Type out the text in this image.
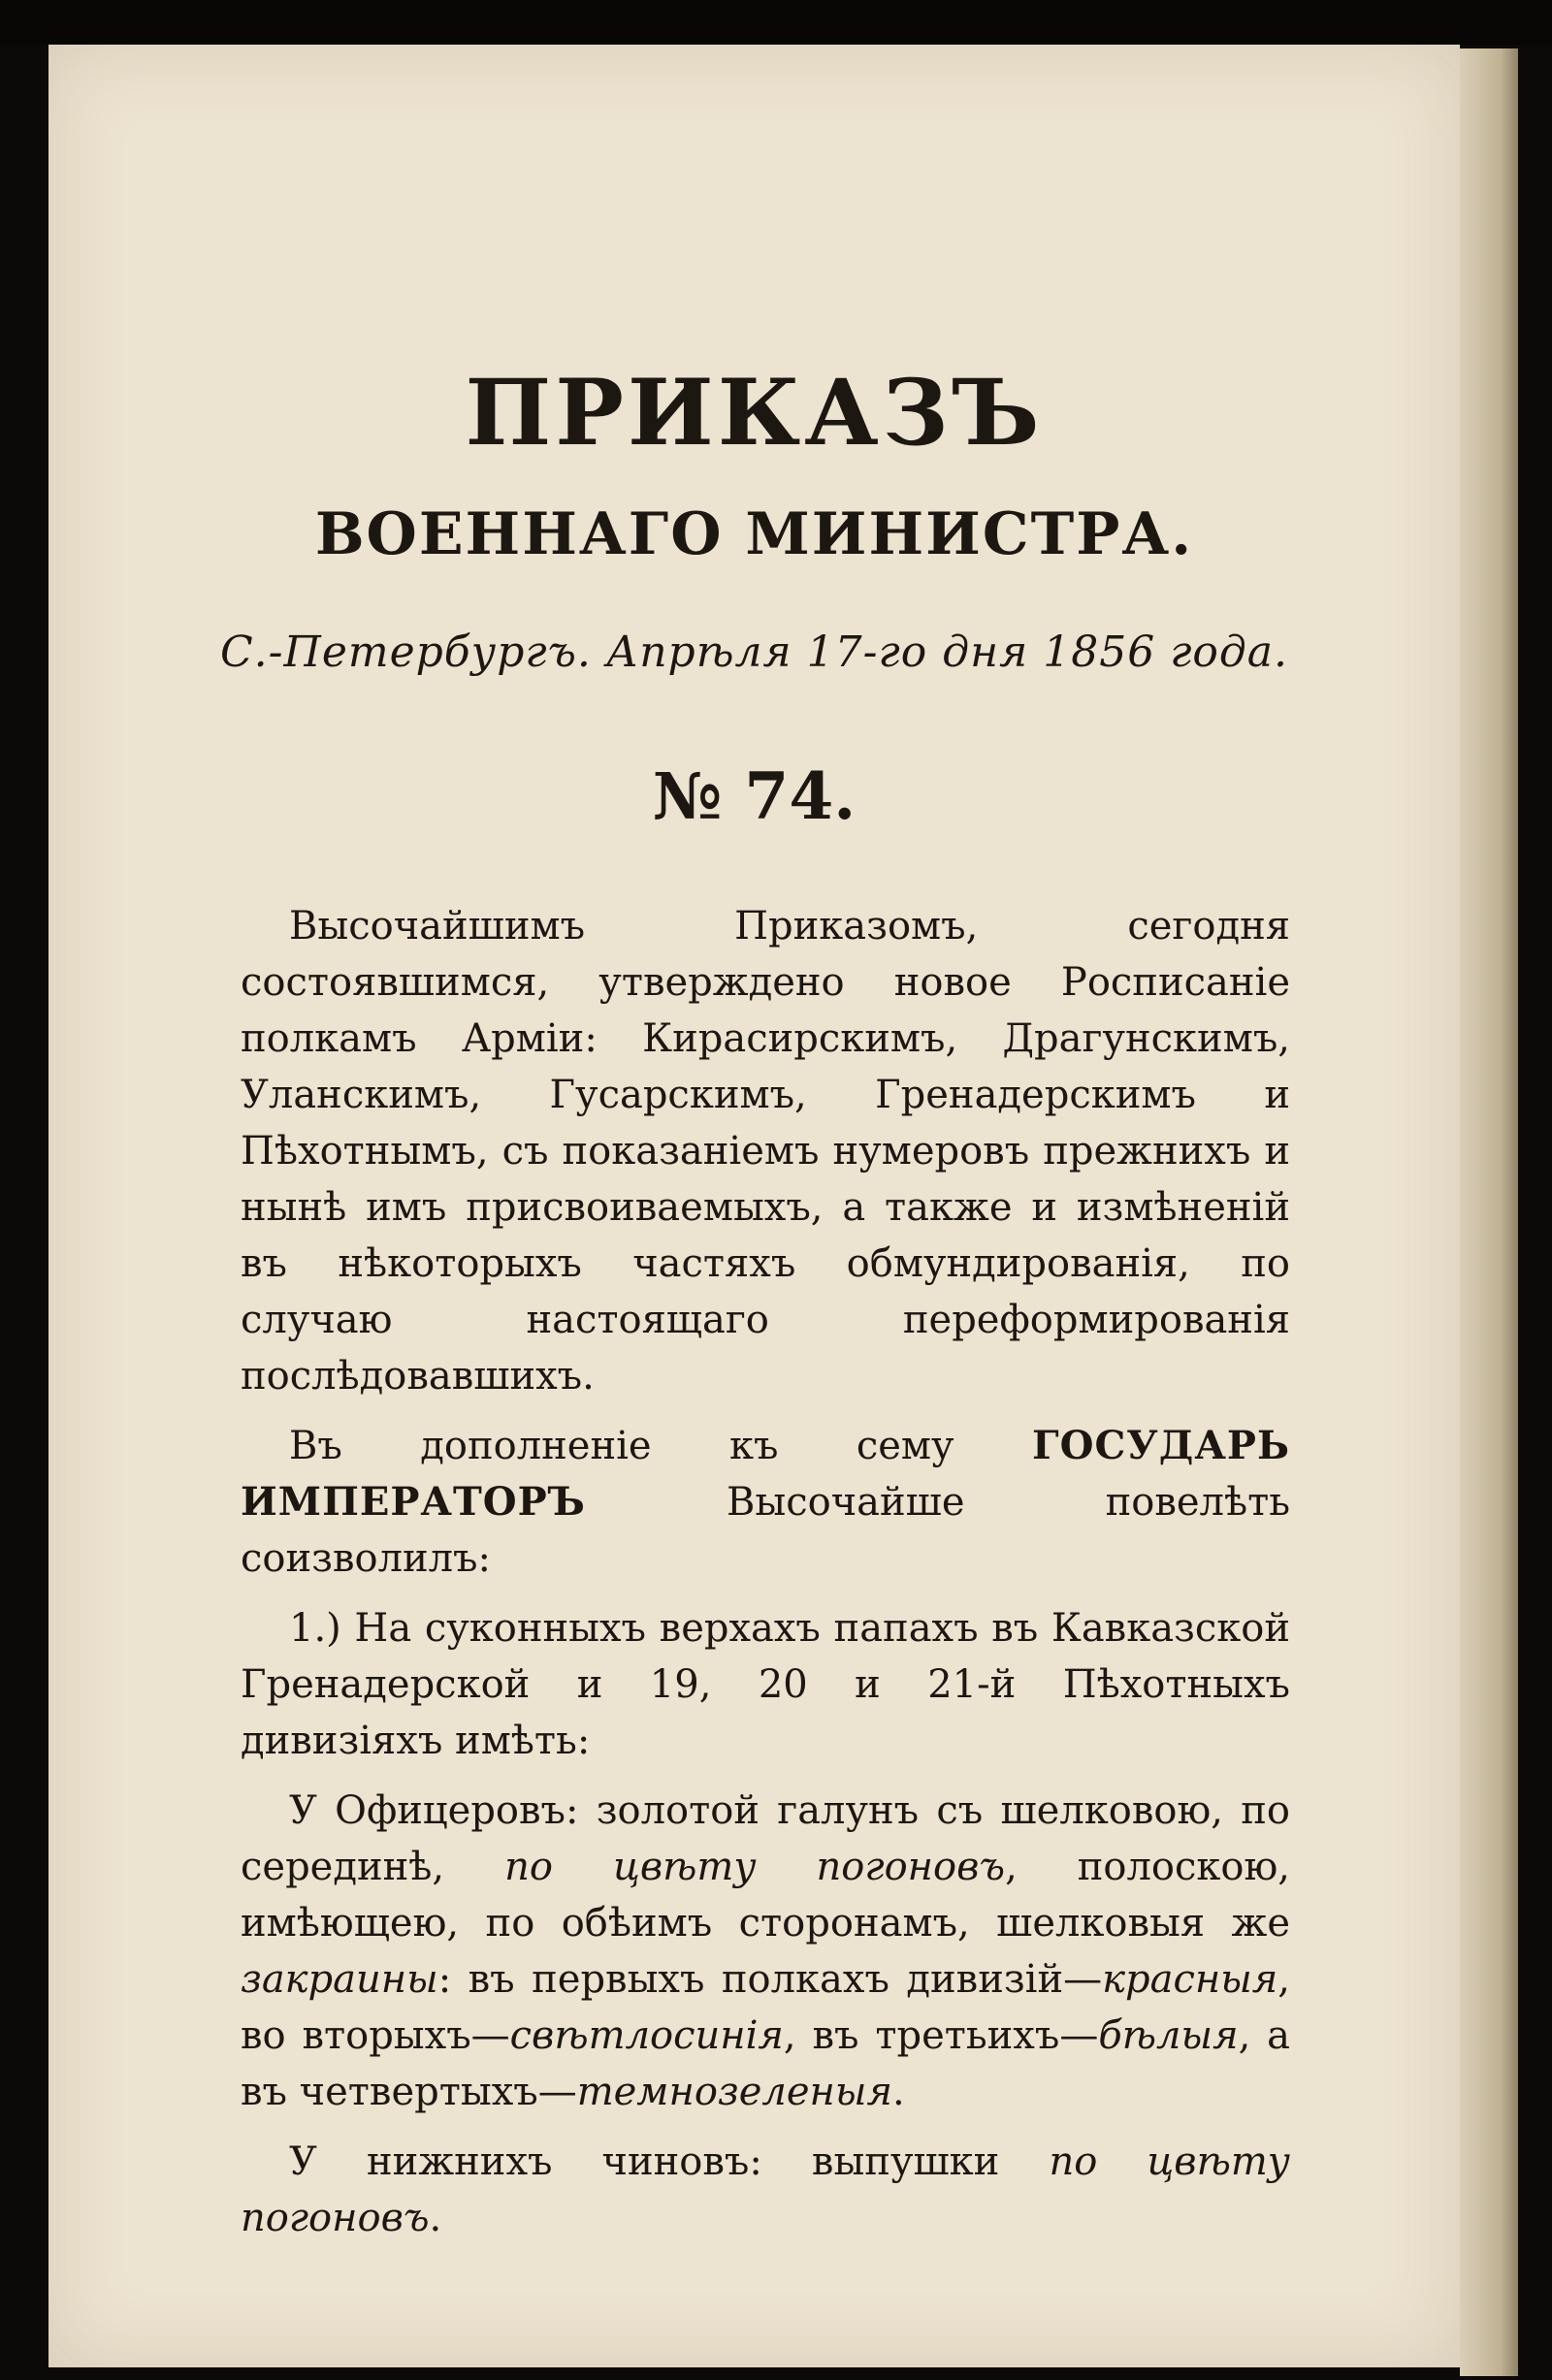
ПРИКАЗЪ
ВОЕННАГО МИНИСТРА.

С.-Петербургъ. Апрѣля 17-го дня 1856 года.

№ 74.

Высочайшимъ Приказомъ, сегодня состоявшимся, утверждено новое Росписаніе полкамъ Арміи: Кирасирскимъ, Драгунскимъ, Уланскимъ, Гусарскимъ, Гренадерскимъ и Пѣхотнымъ, съ показаніемъ нумеровъ прежнихъ и нынѣ имъ присвоиваемыхъ, а также и измѣненій въ нѣкоторыхъ частяхъ обмундированія, по случаю настоящаго переформированія послѣдовавшихъ.

Въ дополненіе къ сему ГОСУДАРЬ ИМПЕРАТОРЪ	Высочайше повелѣть соизволилъ:

1.) На суконныхъ верхахъ папахъ въ Кавказской Гренадерской и 19, 20 и 21-й Пѣхотныхъ дивизіяхъ имѣть:

У Офицеровъ: золотой галунъ съ шелковою, по серединѣ, по цвѣту погоновъ, полоскою, имѣющею, по обѣимъ сторонамъ, шелковыя же закраины: въ первыхъ полкахъ дивизій—красныя, во вторыхъ—свѣтлосинія, въ третьихъ—бѣлыя, а въ четвертыхъ—темнозеленыя.

У нижнихъ чиновъ: выпушки по цвѣту погоновъ.
